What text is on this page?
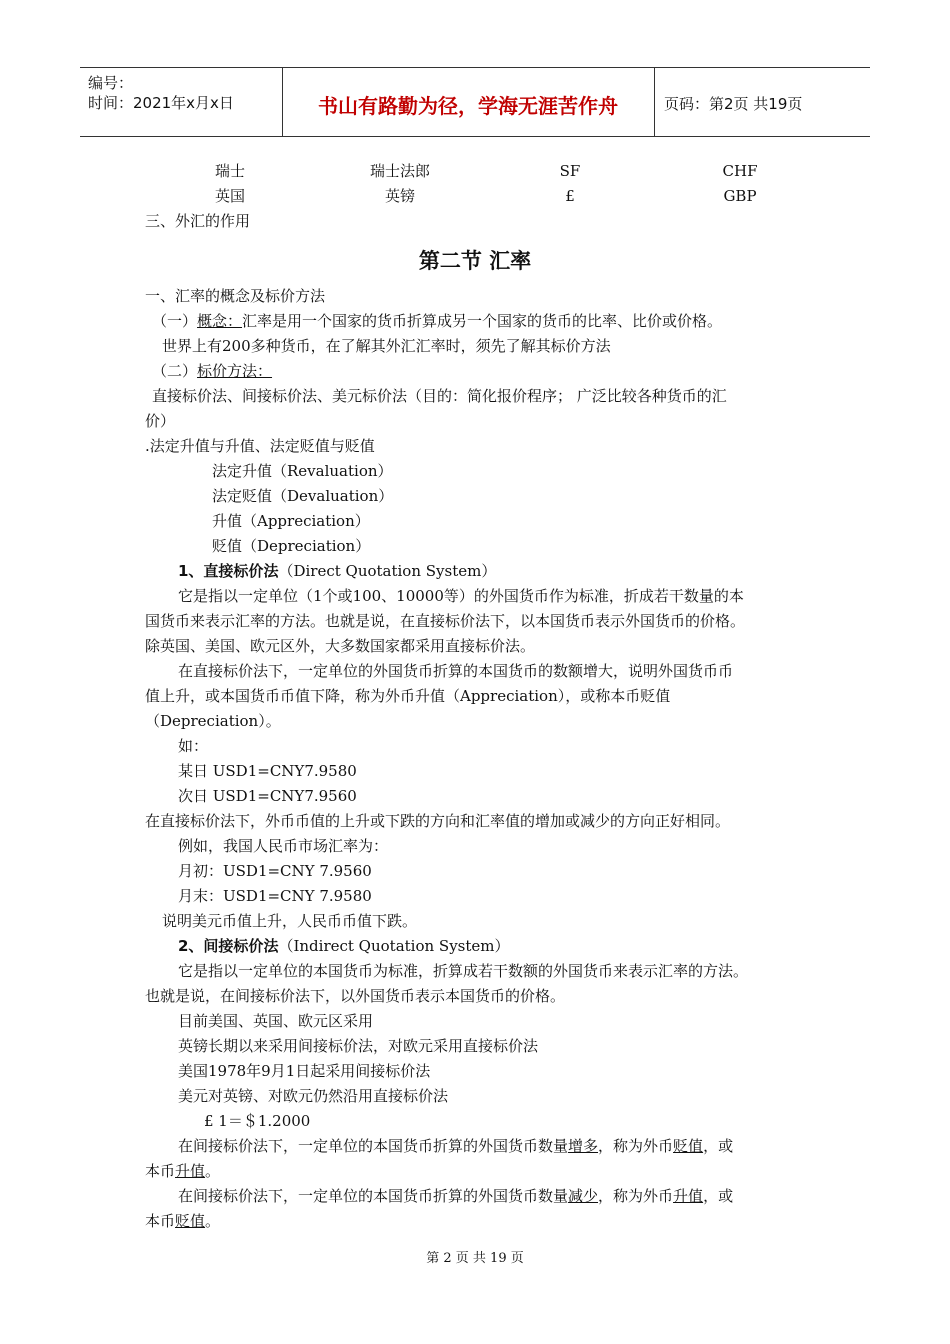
编号：
时间：2021年x月x日	书山有路勤为径，学海无涯苦作舟	页码：第2页 共19页
瑞士	瑞士法郎	SF	CHF
英国	英镑	£	GBP
三、外汇的作用
第二节 汇率
一、汇率的概念及标价方法
（一）概念：汇率是用一个国家的货币折算成另一个国家的货币的比率、比价或价格。
世界上有200多种货币，在了解其外汇汇率时，须先了解其标价方法
（二）标价方法：
直接标价法、间接标价法、美元标价法（目的：简化报价程序； 广泛比较各种货币的汇
价）
.法定升值与升值、法定贬值与贬值
法定升值（Revaluation）
法定贬值（Devaluation）
升值（Appreciation）
贬值（Depreciation）
1、直接标价法（Direct Quotation System）
它是指以一定单位（1个或100、10000等）的外国货币作为标准，折成若干数量的本
国货币来表示汇率的方法。也就是说，在直接标价法下，以本国货币表示外国货币的价格。
除英国、美国、欧元区外，大多数国家都采用直接标价法。
在直接标价法下，一定单位的外国货币折算的本国货币的数额增大，说明外国货币币
值上升，或本国货币币值下降，称为外币升值（Appreciation），或称本币贬值
（Depreciation）。
如：
某日 USD1=CNY7.9580
次日 USD1=CNY7.9560
在直接标价法下，外币币值的上升或下跌的方向和汇率值的增加或减少的方向正好相同。
例如，我国人民币市场汇率为：
月初：USD1=CNY 7.9560
月末：USD1=CNY 7.9580
说明美元币值上升，人民币币值下跌。
2、间接标价法（Indirect Quotation System）
它是指以一定单位的本国货币为标准，折算成若干数额的外国货币来表示汇率的方法。
也就是说，在间接标价法下，以外国货币表示本国货币的价格。
目前美国、英国、欧元区采用
英镑长期以来采用间接标价法，对欧元采用直接标价法
美国1978年9月1日起采用间接标价法
美元对英镑、对欧元仍然沿用直接标价法
£ 1＝＄1.2000
在间接标价法下，一定单位的本国货币折算的外国货币数量增多，称为外币贬值，或
本币升值。
在间接标价法下，一定单位的本国货币折算的外国货币数量减少，称为外币升值，或
本币贬值。
第 2 页 共 19 页
